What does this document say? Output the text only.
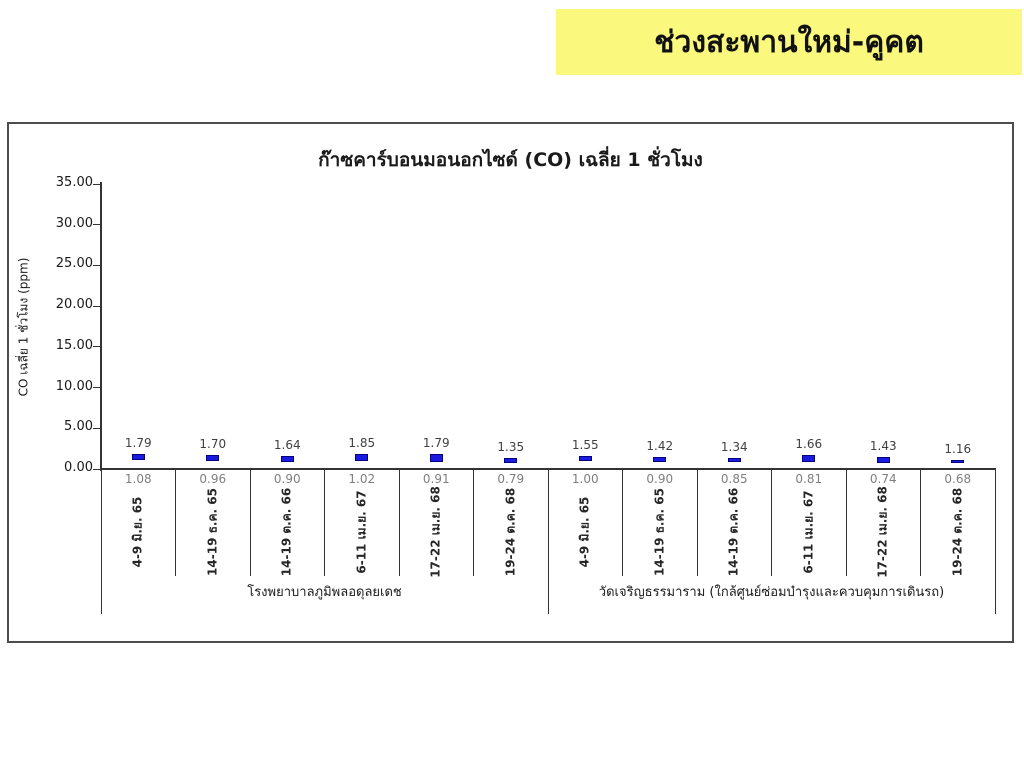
ช่วงสะพานใหม่-คูคต
ก๊าซคาร์บอนมอนอกไซด์ (CO) เฉลี่ย 1 ชั่วโมง
CO เฉลี่ย 1 ชั่วโมง (ppm)
0.00
5.00
10.00
15.00
20.00
25.00
30.00
35.00
1.79
1.08
4-9 มิ.ย. 65
1.70
0.96
14-19 ธ.ค. 65
1.64
0.90
14-19 ต.ค. 66
1.85
1.02
6-11 เม.ย. 67
1.79
0.91
17-22 เม.ย. 68
1.35
0.79
19-24 ต.ค. 68
1.55
1.00
4-9 มิ.ย. 65
1.42
0.90
14-19 ธ.ค. 65
1.34
0.85
14-19 ต.ค. 66
1.66
0.81
6-11 เม.ย. 67
1.43
0.74
17-22 เม.ย. 68
1.16
0.68
19-24 ต.ค. 68
โรงพยาบาลภูมิพลอดุลยเดช	วัดเจริญธรรมาราม (ใกล้ศูนย์ซ่อมบำรุงและควบคุมการเดินรถ)
